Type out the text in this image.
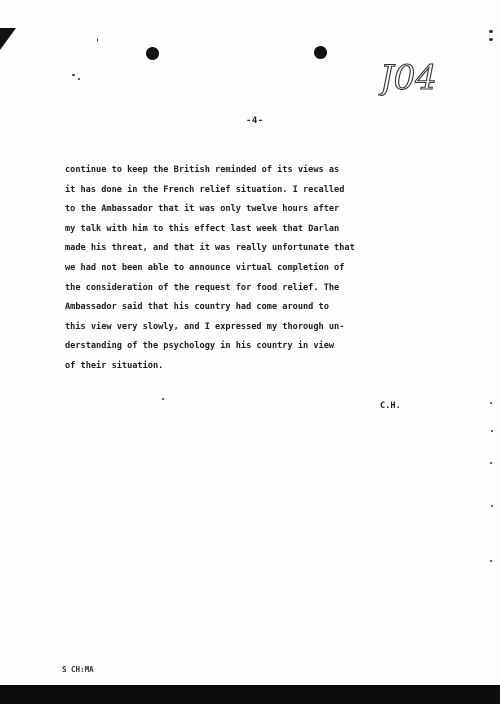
J04
-4-
continue to keep the British reminded of its views as
it has done in the French relief situation. I recalled
to the Ambassador that it was only twelve hours after
my talk with him to this effect last week that Darlan
made his threat, and that it was really unfortunate that
we had not been able to announce virtual completion of
the consideration of the request for food relief. The
Ambassador said that his country had come around to
this view very slowly, and I expressed my thorough un-
derstanding of the psychology in his country in view
of their situation.
C.H.
S CH:MA
